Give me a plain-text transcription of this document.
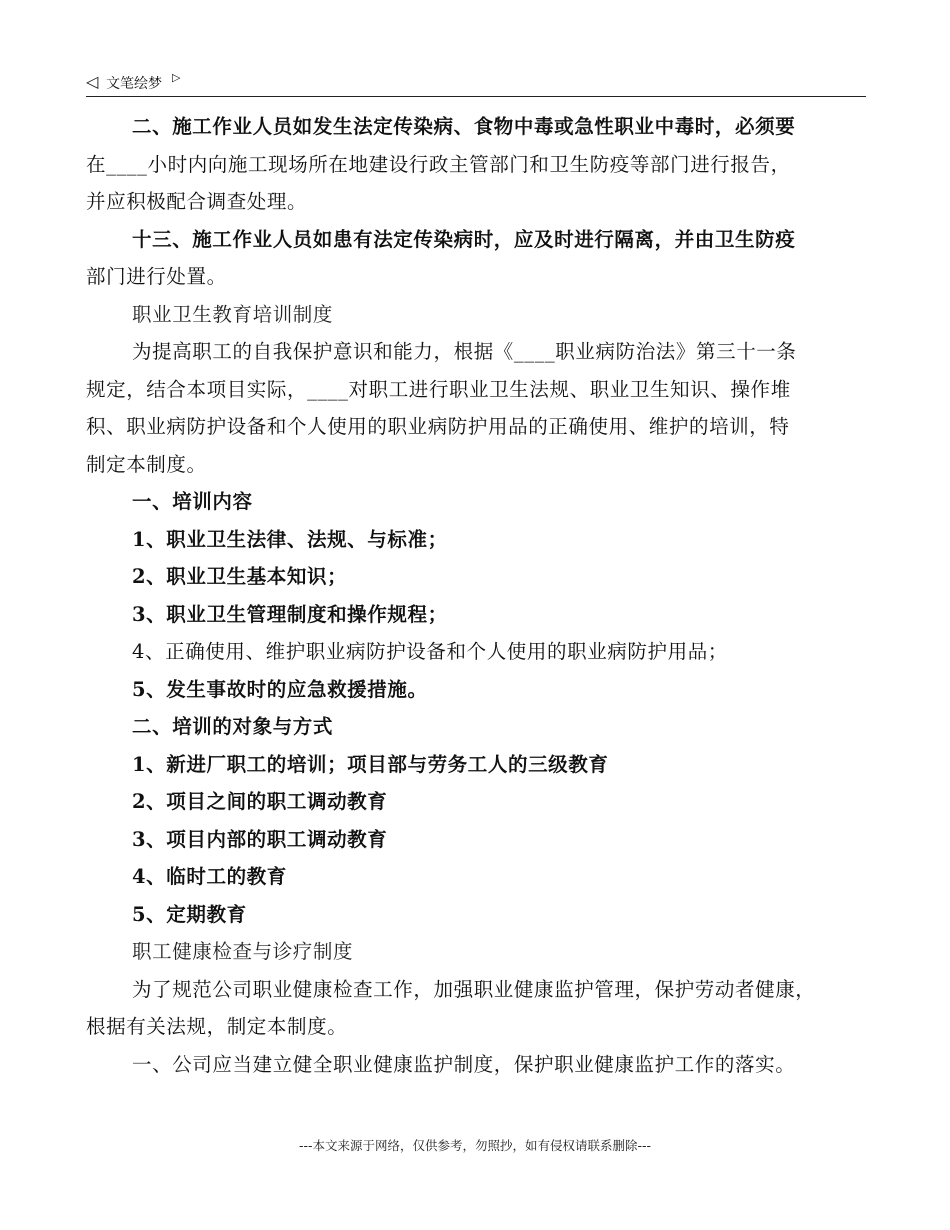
◁ 文笔绘梦 ▷
二、施工作业人员如发生法定传染病、食物中毒或急性职业中毒时，必须要
在____小时内向施工现场所在地建设行政主管部门和卫生防疫等部门进行报告，
并应积极配合调查处理。
十三、施工作业人员如患有法定传染病时，应及时进行隔离，并由卫生防疫
部门进行处置。
职业卫生教育培训制度
为提高职工的自我保护意识和能力，根据《____职业病防治法》第三十一条
规定，结合本项目实际，____对职工进行职业卫生法规、职业卫生知识、操作堆
积、职业病防护设备和个人使用的职业病防护用品的正确使用、维护的培训，特
制定本制度。
一、培训内容
1、职业卫生法律、法规、与标准；
2、职业卫生基本知识；
3、职业卫生管理制度和操作规程；
4、正确使用、维护职业病防护设备和个人使用的职业病防护用品；
5、发生事故时的应急救援措施。
二、培训的对象与方式
1、新进厂职工的培训；项目部与劳务工人的三级教育
2、项目之间的职工调动教育
3、项目内部的职工调动教育
4、临时工的教育
5、定期教育
职工健康检查与诊疗制度
为了规范公司职业健康检查工作，加强职业健康监护管理，保护劳动者健康，
根据有关法规，制定本制度。
一、公司应当建立健全职业健康监护制度，保护职业健康监护工作的落实。
---本文来源于网络，仅供参考，勿照抄，如有侵权请联系删除---
